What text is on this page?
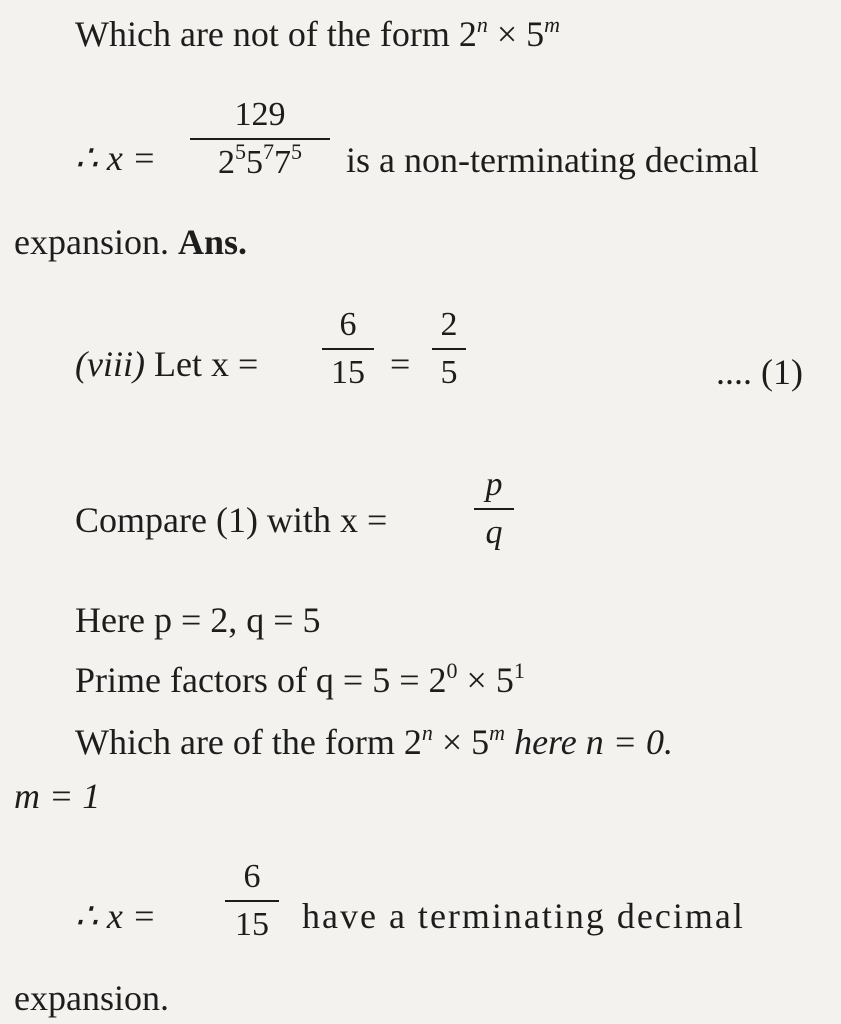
Which are not of the form $2^n \times 5^m$
∴ x =
129
$2^55^77^5$	is a non-terminating decimal
expansion. Ans.
(viii) Let x =
6
15 =
2
5	.... (1)
Compare (1) with x =
p
q
Here p = 2, q = 5
Prime factors of $q = 5 = 2^0 \times 5^1$
Which are of the form $2^n \times 5^m$ here n = 0.
m = 1
∴ x =
6
15 have a terminating decimal
expansion.
